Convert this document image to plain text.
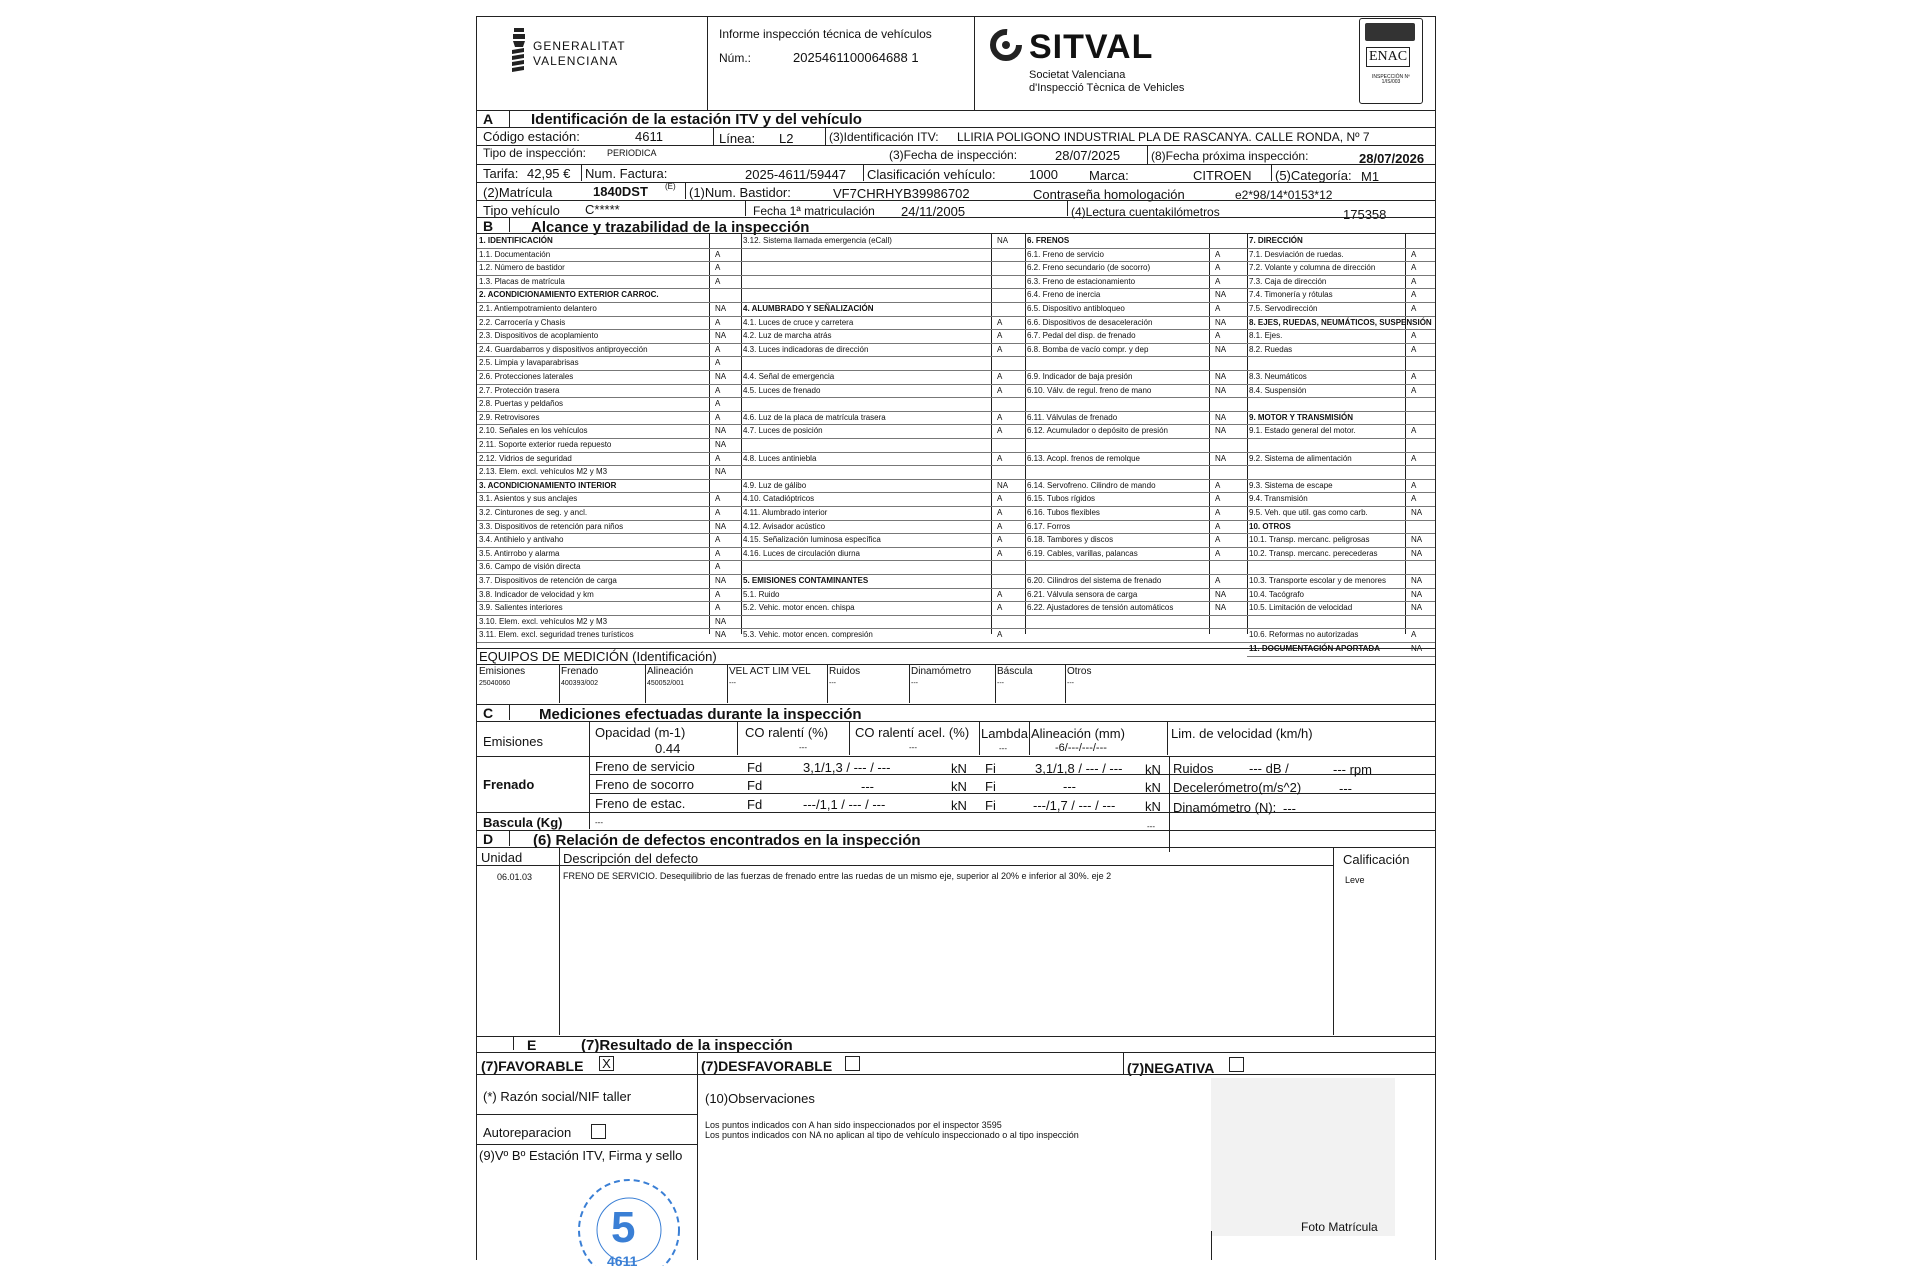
GENERALITAT
VALENCIANA
Informe inspección técnica de vehículos
Núm.:	2025461100064688 1	SITVAL
Societat Valenciana
d'Inspecció Tècnica de Vehicles
ENAC
INSPECCIÓN Nº 1/IS/003
A	Identificación de la estación ITV y del vehículo
Código estación:	4611	Línea: L2	(3)Identificación ITV: LLIRIA POLIGONO INDUSTRIAL PLA DE RASCANYA. CALLE RONDA, Nº 7
Tipo de inspección: PERIODICA	(3)Fecha de inspección:	28/07/2025	(8)Fecha próxima inspección:	28/07/2026
Tarifa: 42,95 € Num. Factura:	2025-4611/59447 Clasificación vehículo:	1000 Marca:	CITROEN (5)Categoría: M1
(2)Matrícula	1840DST (E) (1)Num. Bastidor:	VF7CHRHYB39986702	Contraseña homologación	e2*98/14*0153*12
Tipo vehículo C*****	Fecha 1ª matriculación 24/11/2005	(4)Lectura cuentakilómetros	175358
B	Alcance y trazabilidad de la inspección
1. IDENTIFICACIÓN
1.1. Documentación	A
1.2. Número de bastidor	A
1.3. Placas de matrícula	A
2. ACONDICIONAMIENTO EXTERIOR CARROC.
2.1. Antiempotramiento delantero	NA
2.2. Carrocería y Chasis	A
2.3. Dispositivos de acoplamiento	NA
2.4. Guardabarros y dispositivos antiproyección	A
2.5. Limpia y lavaparabrisas	A
2.6. Protecciones laterales	NA
2.7. Protección trasera	A
2.8. Puertas y peldaños	A
2.9. Retrovisores	A
2.10. Señales en los vehículos	NA
2.11. Soporte exterior rueda repuesto	NA
2.12. Vidrios de seguridad	A
2.13. Elem. excl. vehículos M2 y M3	NA
3. ACONDICIONAMIENTO INTERIOR
3.1. Asientos y sus anclajes	A
3.2. Cinturones de seg. y ancl.	A
3.3. Dispositivos de retención para niños	NA
3.4. Antihielo y antivaho	A
3.5. Antirrobo y alarma	A
3.6. Campo de visión directa	A
3.7. Dispositivos de retención de carga	NA
3.8. Indicador de velocidad y km	A
3.9. Salientes interiores	A
3.10. Elem. excl. vehículos M2 y M3	NA
3.11. Elem. excl. seguridad trenes turísticos	NA
3.12. Sistema llamada emergencia (eCall)	NA
4. ALUMBRADO Y SEÑALIZACIÓN
4.1. Luces de cruce y carretera	A
4.2. Luz de marcha atrás	A
4.3. Luces indicadoras de dirección	A
4.4. Señal de emergencia	A
4.5. Luces de frenado	A
4.6. Luz de la placa de matrícula trasera	A
4.7. Luces de posición	A
4.8. Luces antiniebla	A
4.9. Luz de gálibo	NA
4.10. Catadióptricos	A
4.11. Alumbrado interior	A
4.12. Avisador acústico	A
4.15. Señalización luminosa específica	A
4.16. Luces de circulación diurna	A
5. EMISIONES CONTAMINANTES
5.1. Ruido	A
5.2. Vehic. motor encen. chispa	A
5.3. Vehic. motor encen. compresión	A
6. FRENOS
6.1. Freno de servicio	A
6.2. Freno secundario (de socorro)	A
6.3. Freno de estacionamiento	A
6.4. Freno de inercia	NA
6.5. Dispositivo antibloqueo	A
6.6. Dispositivos de desaceleración	NA
6.7. Pedal del disp. de frenado	A
6.8. Bomba de vacío compr. y dep	NA
6.9. Indicador de baja presión	NA
6.10. Válv. de regul. freno de mano	NA
6.11. Válvulas de frenado	NA
6.12. Acumulador o depósito de presión	NA
6.13. Acopl. frenos de remolque	NA
6.14. Servofreno. Cilindro de mando	A
6.15. Tubos rígidos	A
6.16. Tubos flexibles	A
6.17. Forros	A
6.18. Tambores y discos	A
6.19. Cables, varillas, palancas	A
6.20. Cilindros del sistema de frenado	A
6.21. Válvula sensora de carga	NA
6.22. Ajustadores de tensión automáticos	NA
7. DIRECCIÓN
7.1. Desviación de ruedas.	A
7.2. Volante y columna de dirección	A
7.3. Caja de dirección	A
7.4. Timonería y rótulas	A
7.5. Servodirección	A
8. EJES, RUEDAS, NEUMÁTICOS, SUSPENSIÓN
8.1. Ejes.	A
8.2. Ruedas	A
8.3. Neumáticos	A
8.4. Suspensión	A
9. MOTOR Y TRANSMISIÓN
9.1. Estado general del motor.	A
9.2. Sistema de alimentación	A
9.3. Sistema de escape	A
9.4. Transmisión	A
9.5. Veh. que util. gas como carb.	NA
10. OTROS
10.1. Transp. mercanc. peligrosas	NA
10.2. Transp. mercanc. perecederas	NA
10.3. Transporte escolar y de menores	NA
10.4. Tacógrafo	NA
10.5. Limitación de velocidad	NA
10.6. Reformas no autorizadas	A
11. DOCUMENTACIÓN APORTADA	NA
EQUIPOS DE MEDICIÓN (Identificación)
Emisiones
25040060
Frenado
400393/002
Alineación
450052/001
VEL ACT LIM VEL
---
Ruidos
---
Dinamómetro
---
Báscula
---
Otros
---
C	Mediciones efectuadas durante la inspección
Emisiones
Opacidad (m-1)
0.44
CO ralentí (%)
---
CO ralentí acel. (%)
---
Lambda
---
Alineación (mm)
-6/---/---/---
Lim. de velocidad (km/h)
Frenado
Freno de servicio	Fd	3,1/1,3 / --- / ---	kN Fi	3,1/1,8 / --- / --- kN
Freno de socorro	Fd	---	kN Fi	---	kN
Freno de estac.	Fd	---/1,1 / --- / ---	kN Fi	---/1,7 / --- / --- kN
Ruidos	--- dB /	--- rpm
Decelerómetro(m/s^2)	---
Dinamómetro (N): ---
Bascula (Kg)	---	---
D	(6) Relación de defectos encontrados en la inspección
Unidad	Descripción del defecto	Calificación
06.01.03	FRENO DE SERVICIO. Desequilibrio de las fuerzas de frenado entre las ruedas de un mismo eje, superior al 20% e inferior al 30%. eje 2	Leve
E	(7)Resultado de la inspección
(7)FAVORABLE X	(7)DESFAVORABLE	(7)NEGATIVA
(*) Razón social/NIF taller	(10)Observaciones
Los puntos indicados con A han sido inspeccionados por el inspector 3595
Los puntos indicados con NA no aplican al tipo de vehículo inspeccionado o al tipo inspección
Autoreparacion
(9)Vº Bº Estación ITV, Firma y sello
5
4611
Foto Matrícula
